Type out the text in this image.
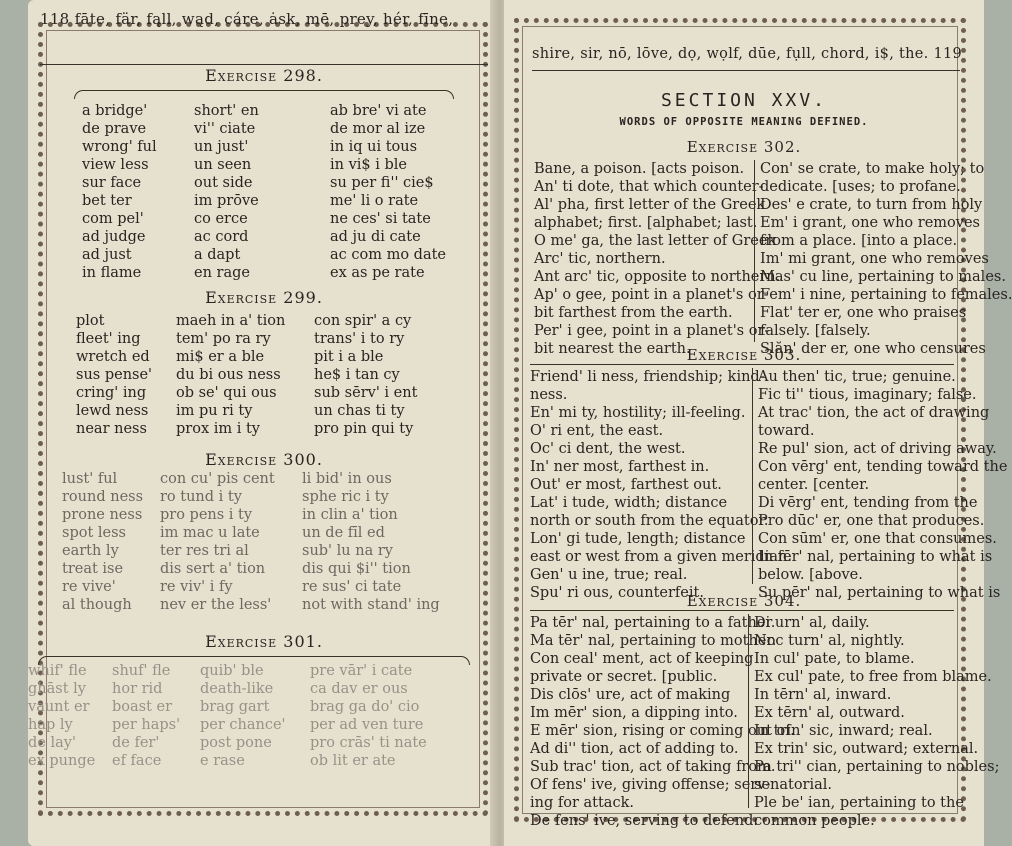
118 fāte, fär, fąll, wąd, cáre, ȧsk, mē, prey, hér, fīne,
Exercise 298.
a bridge'
de prave
wrong' ful
view less
sur face
bet ter
com pel'
ad judge
ad just
in flame
short' en
vi'' ciate
un just'
un seen
out side
im prōve
co erce
ac cord
a dapt
en rage
ab bre' vi ate
de mor al ize
in iq ui tous
in vi$ i ble
su per fi'' cie$
me' li o rate
ne ces' si tate
ad ju di cate
ac com mo date
ex as pe rate
Exercise 299.
plot
fleet' ing
wretch ed
sus pense'
cring' ing
lewd ness
near ness
maeh in a' tion
tem' po ra ry
mi$ er a ble
du bi ous ness
ob se' qui ous
im pu ri ty
prox im i ty
con spir' a cy
trans' i to ry
pit i a ble
he$ i tan cy
sub sērv' i ent
un chas ti ty
pro pin qui ty
Exercise 300.
lust' ful
round ness
prone ness
spot less
earth ly
treat ise
re vive'
al though
con cu' pis cent
ro tund i ty
pro pens i ty
im mac u late
ter res tri al
dis sert a' tion
re viv' i fy
nev er the less'
li bid' in ous
sphe ric i ty
in clin a' tion
un de fīl ed
sub' lu na ry
dis qui $i'' tion
re sus' ci tate
not with stand' ing
Exercise 301.
whif' fle
ghāst ly
vaunt er
hap ly
de lay'
ex punge
shuf' fle
hor rid
boast er
per haps'
de fer'
ef face
quib' ble
death-like
brag gart
per chance'
post pone
e rase
pre vār' i cate
ca dav er ous
brag ga do' cio
per ad ven ture
pro crās' ti nate
ob lit er ate
shire, sir, nō, lōve, dọ, wọlf, dūe, fụll, chord, i$, the. 119
SECTION XXV.
WORDS OF OPPOSITE MEANING DEFINED.
Exercise 302.
Bane, a poison. [acts poison.
An' ti dote, that which counter-
Al' pha, first letter of the Greek
alphabet; first. [alphabet; last.
O me' ga, the last letter of Greek
Arc' tic, northern.
Ant arc' tic, opposite to northern.
Ap' o gee, point in a planet's or-
bit farthest from the earth.
Per' i gee, point in a planet's or-
bit nearest the earth.
Con' se crate, to make holy; to
dedicate. [uses; to profane.
Des' e crate, to turn from holy
Em' i grant, one who removes
from a place. [into a place.
Im' mi grant, one who removes
Mas' cu line, pertaining to males.
Fem' i nine, pertaining to females.
Flat' ter er, one who praises
falsely. [falsely.
Slăn' der er, one who censures
Exercise 303.
Friend' li ness, friendship; kind-
ness.
En' mi ty, hostility; ill-feeling.
O' ri ent, the east.
Oc' ci dent, the west.
In' ner most, farthest in.
Out' er most, farthest out.
Lat' i tude, width; distance
north or south from the equator.
Lon' gi tude, length; distance
east or west from a given meridian.
Gen' u ine, true; real.
Spu' ri ous, counterfeit.
Au then' tic, true; genuine.
Fic ti'' tious, imaginary; false.
At trac' tion, the act of drawing
toward.
Re pul' sion, act of driving away.
Con vērg' ent, tending toward the
center. [center.
Di vērg' ent, tending from the
Pro dūc' er, one that produces.
Con sūm' er, one that consumes.
In fēr' nal, pertaining to what is
below. [above.
Su pēr' nal, pertaining to what is
Exercise 304.
Pa tēr' nal, pertaining to a father.
Ma tēr' nal, pertaining to mother.
Con ceal' ment, act of keeping
private or secret. [public.
Dis clōs' ure, act of making
Im mēr' sion, a dipping into.
E mēr' sion, rising or coming out of.
Ad di'' tion, act of adding to.
Sub trac' tion, act of taking from.
Of fens' ive, giving offense; serv-
ing for attack.
De fens' ive, serving to defend.
Di urn' al, daily.
Noc turn' al, nightly.
In cul' pate, to blame.
Ex cul' pate, to free from blame.
In tērn' al, inward.
Ex tērn' al, outward.
In trin' sic, inward; real.
Ex trin' sic, outward; external.
Pa tri'' cian, pertaining to nobles;
senatorial.
Ple be' ian, pertaining to the
common people.
